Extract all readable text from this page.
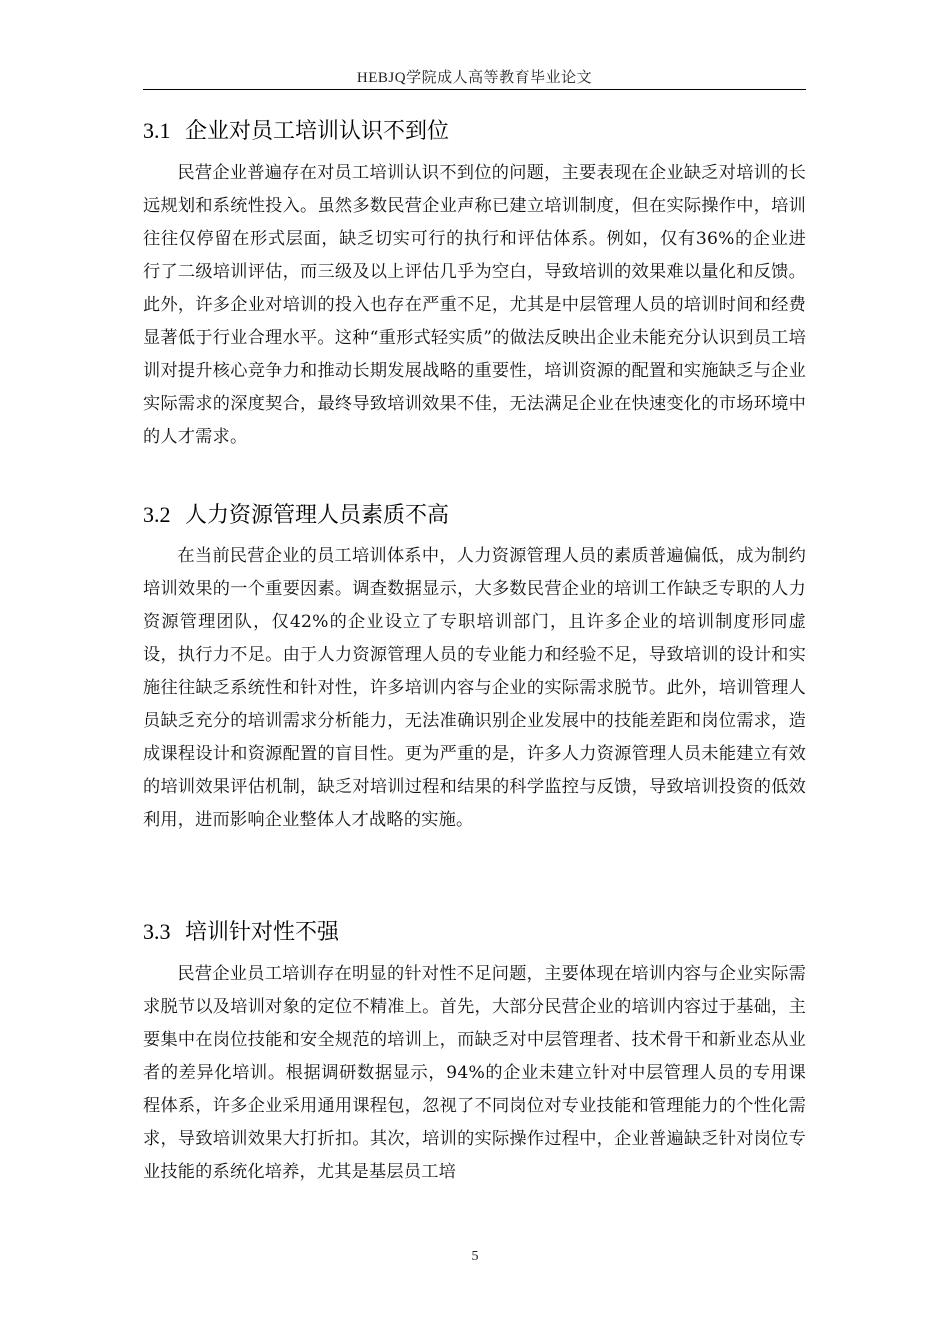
HEBJQ学院成人高等教育毕业论文
3.1 企业对员工培训认识不到位

民营企业普遍存在对员工培训认识不到位的问题，主要表现在企业缺乏对培训的长远规划和系统性投入。虽然多数民营企业声称已建立培训制度，但在实际操作中，培训往往仅停留在形式层面，缺乏切实可行的执行和评估体系。例如，仅有36%的企业进行了二级培训评估，而三级及以上评估几乎为空白，导致培训的效果难以量化和反馈。此外，许多企业对培训的投入也存在严重不足，尤其是中层管理人员的培训时间和经费显著低于行业合理水平。这种“重形式轻实质”的做法反映出企业未能充分认识到员工培训对提升核心竞争力和推动长期发展战略的重要性，培训资源的配置和实施缺乏与企业实际需求的深度契合，最终导致培训效果不佳，无法满足企业在快速变化的市场环境中的人才需求。

3.2 人力资源管理人员素质不高

在当前民营企业的员工培训体系中，人力资源管理人员的素质普遍偏低，成为制约培训效果的一个重要因素。调查数据显示，大多数民营企业的培训工作缺乏专职的人力资源管理团队，仅42%的企业设立了专职培训部门，且许多企业的培训制度形同虚设，执行力不足。由于人力资源管理人员的专业能力和经验不足，导致培训的设计和实施往往缺乏系统性和针对性，许多培训内容与企业的实际需求脱节。此外，培训管理人员缺乏充分的培训需求分析能力，无法准确识别企业发展中的技能差距和岗位需求，造成课程设计和资源配置的盲目性。更为严重的是，许多人力资源管理人员未能建立有效的培训效果评估机制，缺乏对培训过程和结果的科学监控与反馈，导致培训投资的低效利用，进而影响企业整体人才战略的实施。

3.3 培训针对性不强

民营企业员工培训存在明显的针对性不足问题，主要体现在培训内容与企业实际需求脱节以及培训对象的定位不精准上。首先，大部分民营企业的培训内容过于基础，主要集中在岗位技能和安全规范的培训上，而缺乏对中层管理者、技术骨干和新业态从业者的差异化培训。根据调研数据显示，94%的企业未建立针对中层管理人员的专用课程体系，许多企业采用通用课程包，忽视了不同岗位对专业技能和管理能力的个性化需求，导致培训效果大打折扣。其次，培训的实际操作过程中，企业普遍缺乏针对岗位专业技能的系统化培养，尤其是基层员工培

5
